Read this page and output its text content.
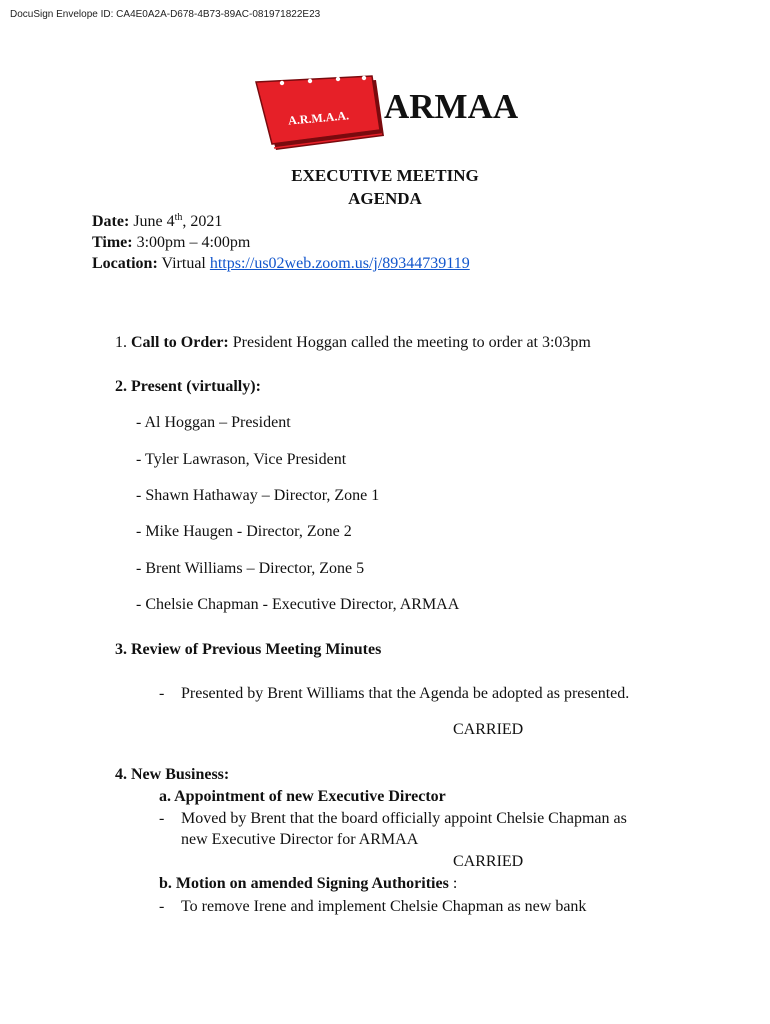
DocuSign Envelope ID: CA4E0A2A-D678-4B73-89AC-081971822E23
A.R.M.A.A. ARMAA
EXECUTIVE MEETING
AGENDA
Date: June 4th, 2021
Time: 3:00pm – 4:00pm
Location: Virtual https://us02web.zoom.us/j/89344739119
1. Call to Order: President Hoggan called the meeting to order at 3:03pm
2. Present (virtually):
- Al Hoggan – President
- Tyler Lawrason, Vice President
- Shawn Hathaway – Director, Zone 1
- Mike Haugen - Director, Zone 2
- Brent Williams – Director, Zone 5
- Chelsie Chapman - Executive Director, ARMAA
3. Review of Previous Meeting Minutes
- Presented by Brent Williams that the Agenda be adopted as presented.
CARRIED
4. New Business:
a. Appointment of new Executive Director
- Moved by Brent that the board officially appoint Chelsie Chapman as
new Executive Director for ARMAA
CARRIED
b. Motion on amended Signing Authorities :
- To remove Irene and implement Chelsie Chapman as new bank
